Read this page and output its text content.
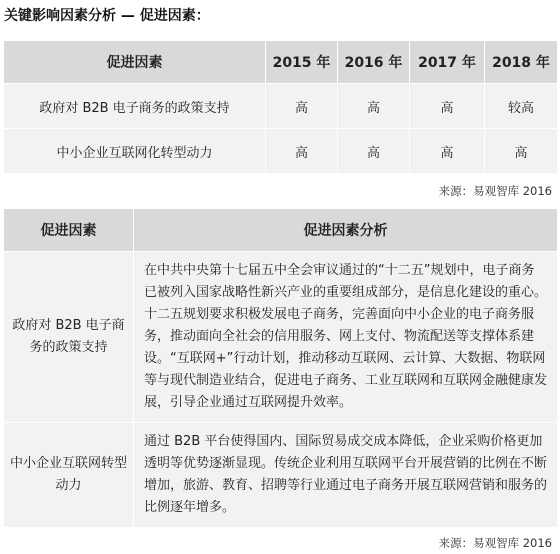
关键影响因素分析 — 促进因素：
促进因素	2015 年	2016 年	2017 年	2018 年
政府对 B2B 电子商务的政策支持	高	高	高	较高
中小企业互联网化转型动力	高	高	高	高
来源：易观智库 2016
促进因素	促进因素分析
政府对 B2B 电子商务的政策支持	在中共中央第十七届五中全会审议通过的“十二五”规划中，电子商务已被列入国家战略性新兴产业的重要组成部分，是信息化建设的重心。十二五规划要求积极发展电子商务，完善面向中小企业的电子商务服务，推动面向全社会的信用服务、网上支付、物流配送等支撑体系建设。“互联网+”行动计划，推动移动互联网、云计算、大数据、物联网等与现代制造业结合，促进电子商务、工业互联网和互联网金融健康发展，引导企业通过互联网提升效率。
中小企业互联网转型动力	通过 B2B 平台使得国内、国际贸易成交成本降低，企业采购价格更加透明等优势逐渐显现。传统企业利用互联网平台开展营销的比例在不断增加，旅游、教育、招聘等行业通过电子商务开展互联网营销和服务的比例逐年增多。
来源：易观智库 2016
